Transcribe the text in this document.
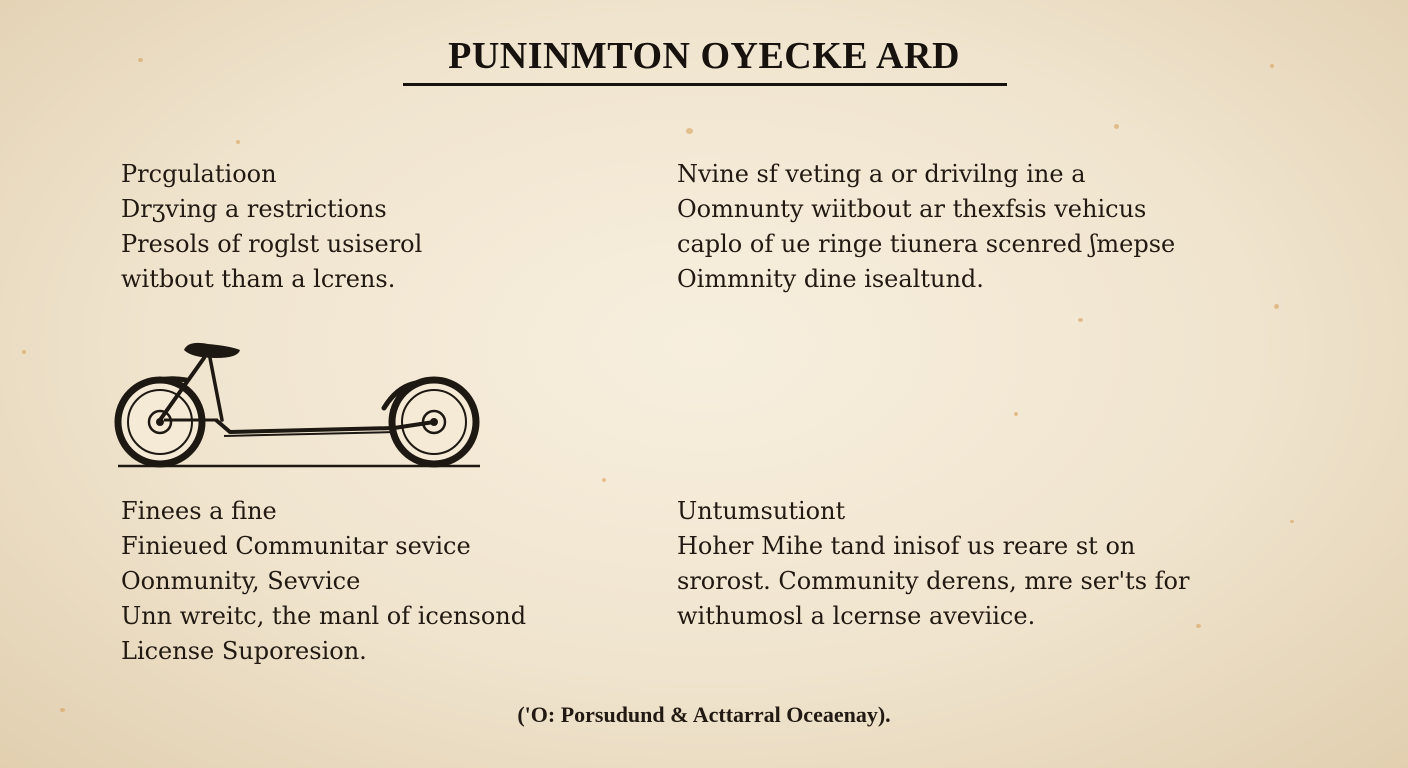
PUNINMTON OYECKE ARD
Prcgulatioon
Drʒving a restrictions
Presols of roglst usiserol
witbout tham a lcrens.
Nvine sf veting a or drivilng ine a
Oomnunty wiitbout ar thexfsis vehicus
caplo of ue ringe tiunera scenred ʃmepse
Oimmnity dine isealtund.
Finees a fine
Finieued Communitar sevice
Oonmunity, Sevvice
Unn wreitc, the manl of icensond
License Suporesion.
Untumsutiont
Hoher Mihe tand inisof us reare st on
srorost. Community derens, mre ser'ts for
withumosl a lcernse aveviice.
('O: Porsudund & Acttarral Oceaenay).
